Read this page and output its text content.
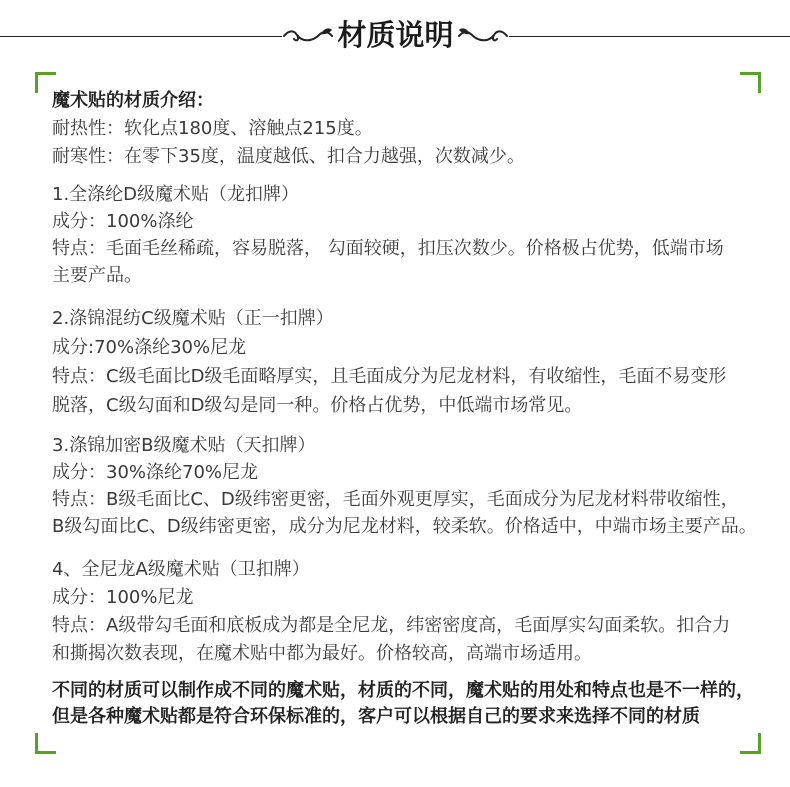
材质说明
魔术贴的材质介绍：
耐热性：软化点180度、溶触点215度。
耐寒性：在零下35度，温度越低、扣合力越强，次数减少。
1.全涤纶D级魔术贴（龙扣牌）
成分：100%涤纶
特点：毛面毛丝稀疏，容易脱落， 勾面较硬，扣压次数少。价格极占优势，低端市场
主要产品。
2.涤锦混纺C级魔术贴（正一扣牌）
成分:70%涤纶30%尼龙
特点：C级毛面比D级毛面略厚实，且毛面成分为尼龙材料，有收缩性，毛面不易变形
脱落，C级勾面和D级勾是同一种。价格占优势，中低端市场常见。
3.涤锦加密B级魔术贴（天扣牌）
成分：30%涤纶70%尼龙
特点：B级毛面比C、D级纬密更密，毛面外观更厚实，毛面成分为尼龙材料带收缩性，
B级勾面比C、D级纬密更密，成分为尼龙材料，较柔软。价格适中，中端市场主要产品。
4、全尼龙A级魔术贴（卫扣牌）
成分：100%尼龙
特点：A级带勾毛面和底板成为都是全尼龙，纬密密度高，毛面厚实勾面柔软。扣合力
和撕揭次数表现，在魔术贴中都为最好。价格较高，高端市场适用。
不同的材质可以制作成不同的魔术贴，材质的不同，魔术贴的用处和特点也是不一样的，
但是各种魔术贴都是符合环保标准的，客户可以根据自己的要求来选择不同的材质
